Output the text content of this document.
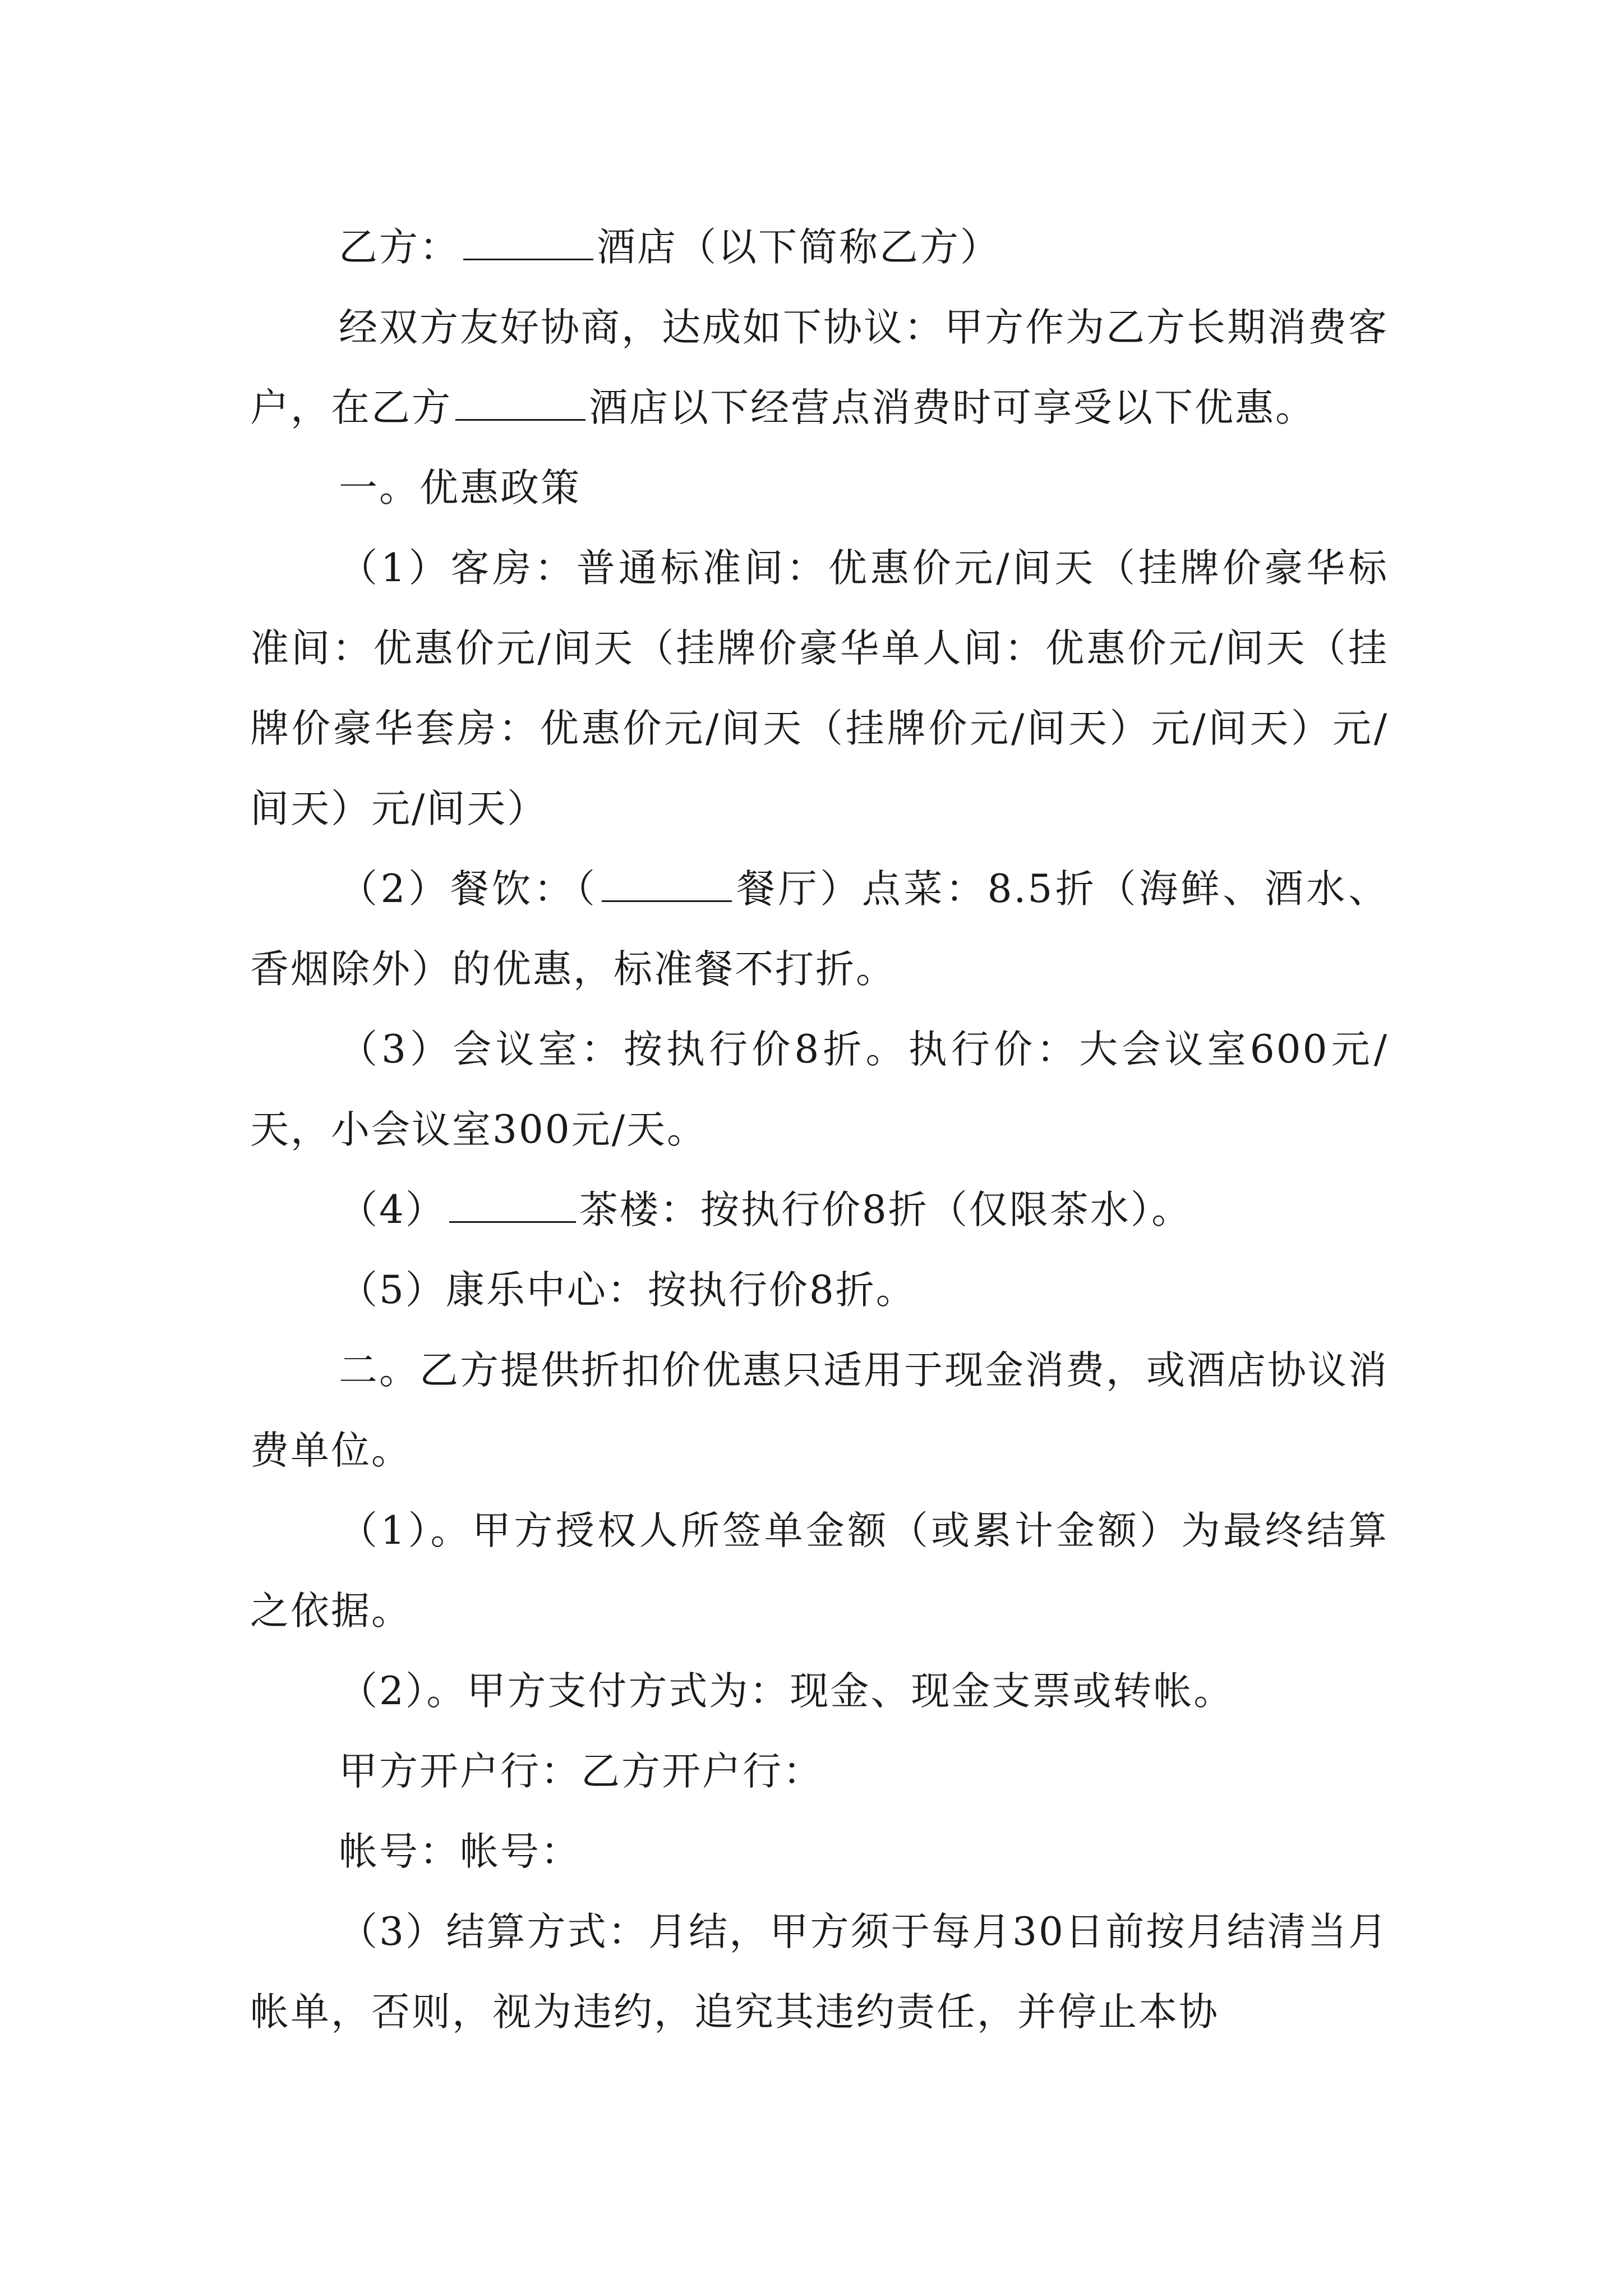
乙方：	酒店（以下简称乙方）

经双方友好协商，达成如下协议：甲方作为乙方长期消费客户，在乙方	酒店以下经营点消费时可享受以下优惠。

一。优惠政策

（1）客房：普通标准间：优惠价元/间天（挂牌价豪华标准间：优惠价元/间天（挂牌价豪华单人间：优惠价元/间天（挂牌价豪华套房：优惠价元/间天（挂牌价元/间天）元/间天）元/间天）元/间天）

（2）餐饮：（	餐厅）点菜：8.5折（海鲜、酒水、香烟除外）的优惠，标准餐不打折。

（3）会议室：按执行价8折。执行价：大会议室600元/天，小会议室300元/天。

（4）	茶楼：按执行价8折（仅限茶水）。

（5）康乐中心：按执行价8折。

二。乙方提供折扣价优惠只适用于现金消费，或酒店协议消费单位。

（1）。甲方授权人所签单金额（或累计金额）为最终结算之依据。

（2）。甲方支付方式为：现金、现金支票或转帐。

甲方开户行：乙方开户行：

帐号：帐号：

（3）结算方式：月结，甲方须于每月30日前按月结清当月帐单，否则，视为违约，追究其违约责任，并停止本协
